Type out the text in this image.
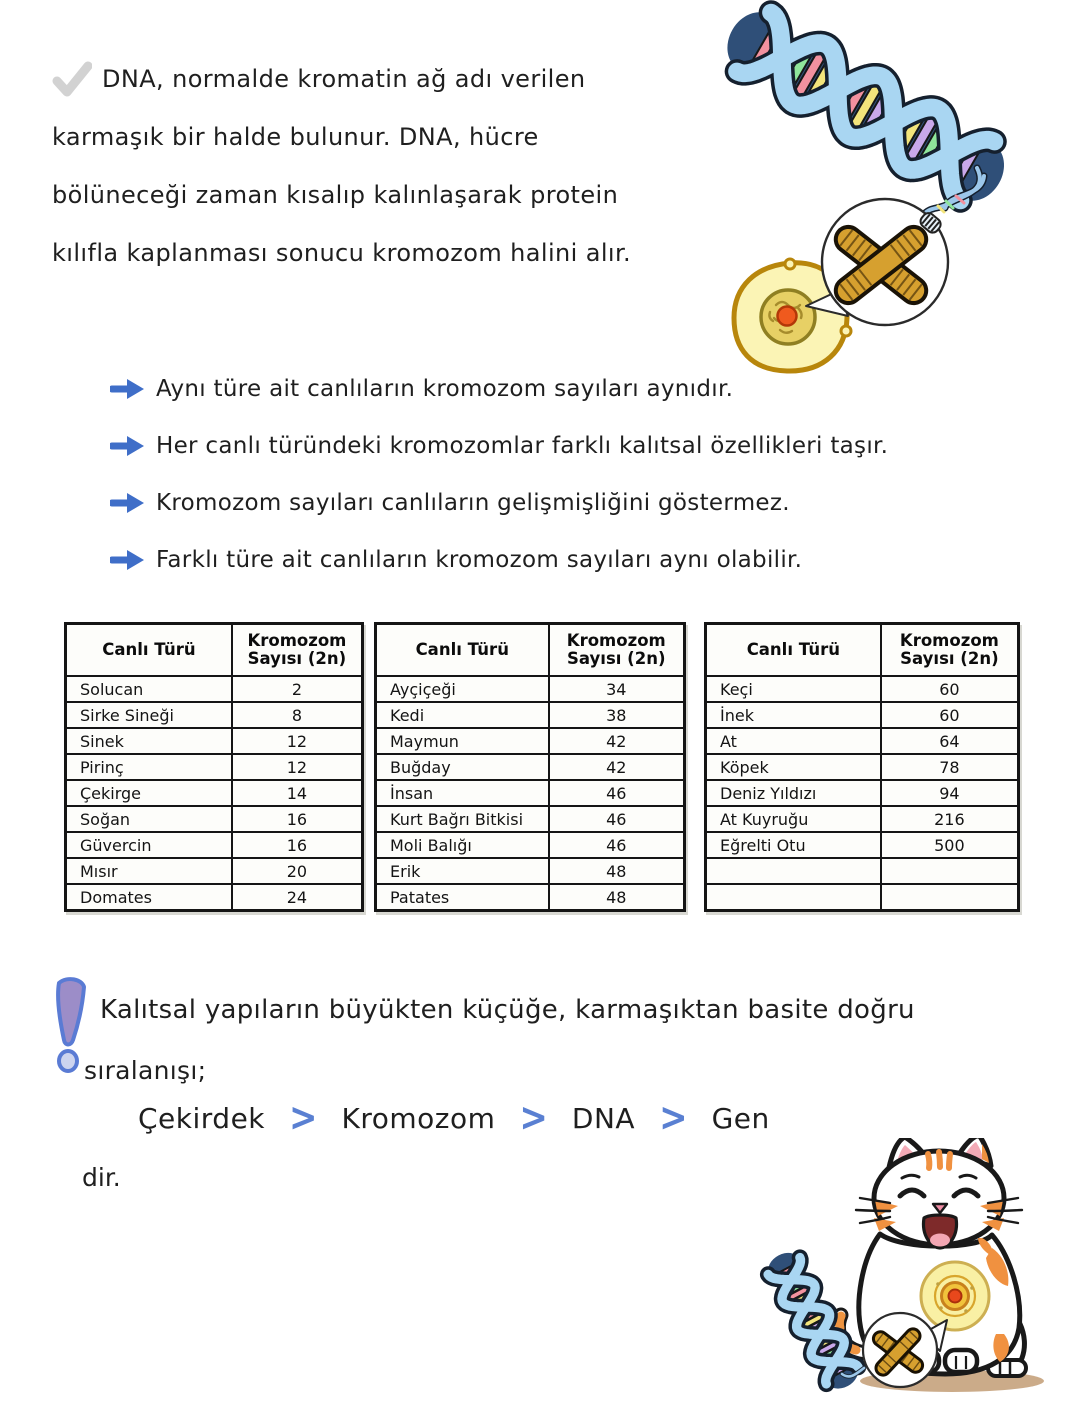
DNA, normalde kromatin ağ adı verilen
karmaşık bir halde bulunur. DNA, hücre
bölüneceği zaman kısalıp kalınlaşarak protein
kılıfla kaplanması sonucu kromozom halini alır.
Aynı türe ait canlıların kromozom sayıları aynıdır.
Her canlı türündeki kromozomlar farklı kalıtsal özellikleri taşır.
Kromozom sayıları canlıların gelişmişliğini göstermez.
Farklı türe ait canlıların kromozom sayıları aynı olabilir.
Canlı Türü	Kromozom Sayısı (2n)
Solucan	2
Sirke Sineği	8
Sinek	12
Pirinç	12
Çekirge	14
Soğan	16
Güvercin	16
Mısır	20
Domates	24
Canlı Türü	Kromozom Sayısı (2n)
Ayçiçeği	34
Kedi	38
Maymun	42
Buğday	42
İnsan	46
Kurt Bağrı Bitkisi	46
Moli Balığı	46
Erik	48
Patates	48
Canlı Türü	Kromozom Sayısı (2n)
Keçi	60
İnek	60
At	64
Köpek	78
Deniz Yıldızı	94
At Kuyruğu	216
Eğrelti Otu	500

Kalıtsal yapıların büyükten küçüğe, karmaşıktan basite doğru
sıralanışı;
Çekirdek > Kromozom > DNA > Gen
dir.
